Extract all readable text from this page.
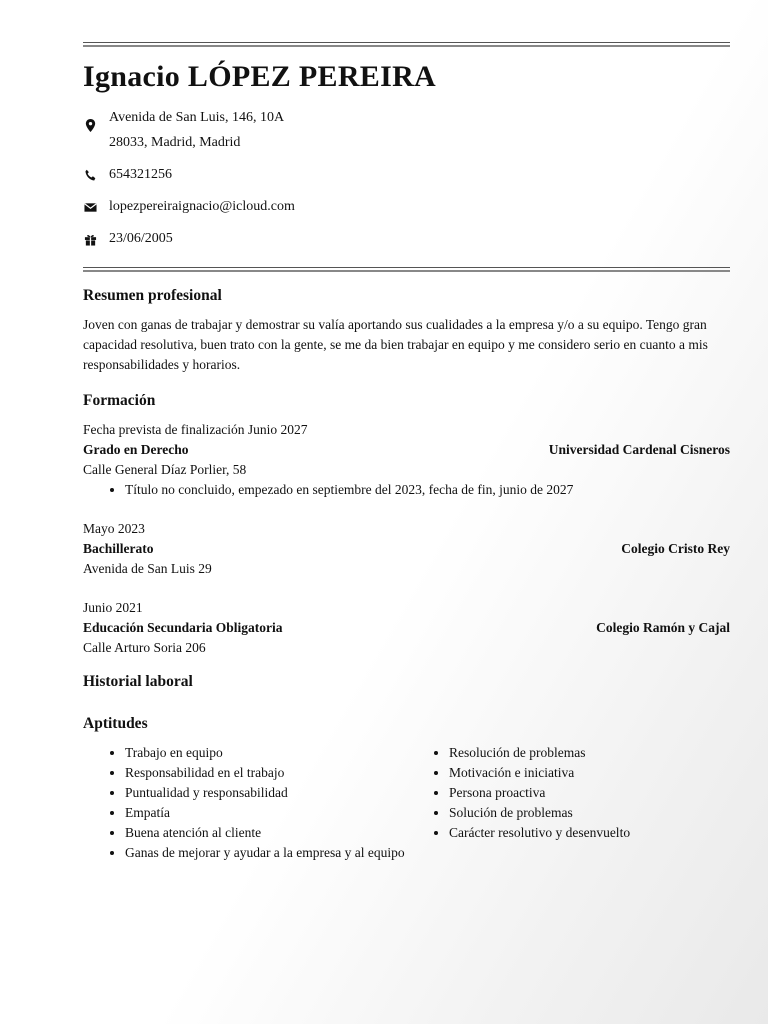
Ignacio LÓPEZ PEREIRA
Avenida de San Luis, 146, 10A
28033, Madrid, Madrid
654321256
lopezpereiraignacio@icloud.com
23/06/2005
Resumen profesional

Joven con ganas de trabajar y demostrar su valía aportando sus cualidades a la empresa y/o a su equipo. Tengo gran capacidad resolutiva, buen trato con la gente, se me da bien trabajar en equipo y me considero serio en cuanto a mis responsabilidades y horarios.

Formación
Fecha prevista de finalización Junio 2027
Grado en Derecho	Universidad Cardenal Cisneros
Calle General Díaz Porlier, 58
• Título no concluido, empezado en septiembre del 2023, fecha de fin, junio de 2027
Mayo 2023
Bachillerato	Colegio Cristo Rey
Avenida de San Luis 29
Junio 2021
Educación Secundaria Obligatoria	Colegio Ramón y Cajal
Calle Arturo Soria 206
Historial laboral
Aptitudes
• Trabajo en equipo
• Responsabilidad en el trabajo
• Puntualidad y responsabilidad
• Empatía
• Buena atención al cliente
• Ganas de mejorar y ayudar a la empresa y al equipo
• Resolución de problemas
• Motivación e iniciativa
• Persona proactiva
• Solución de problemas
• Carácter resolutivo y desenvuelto
